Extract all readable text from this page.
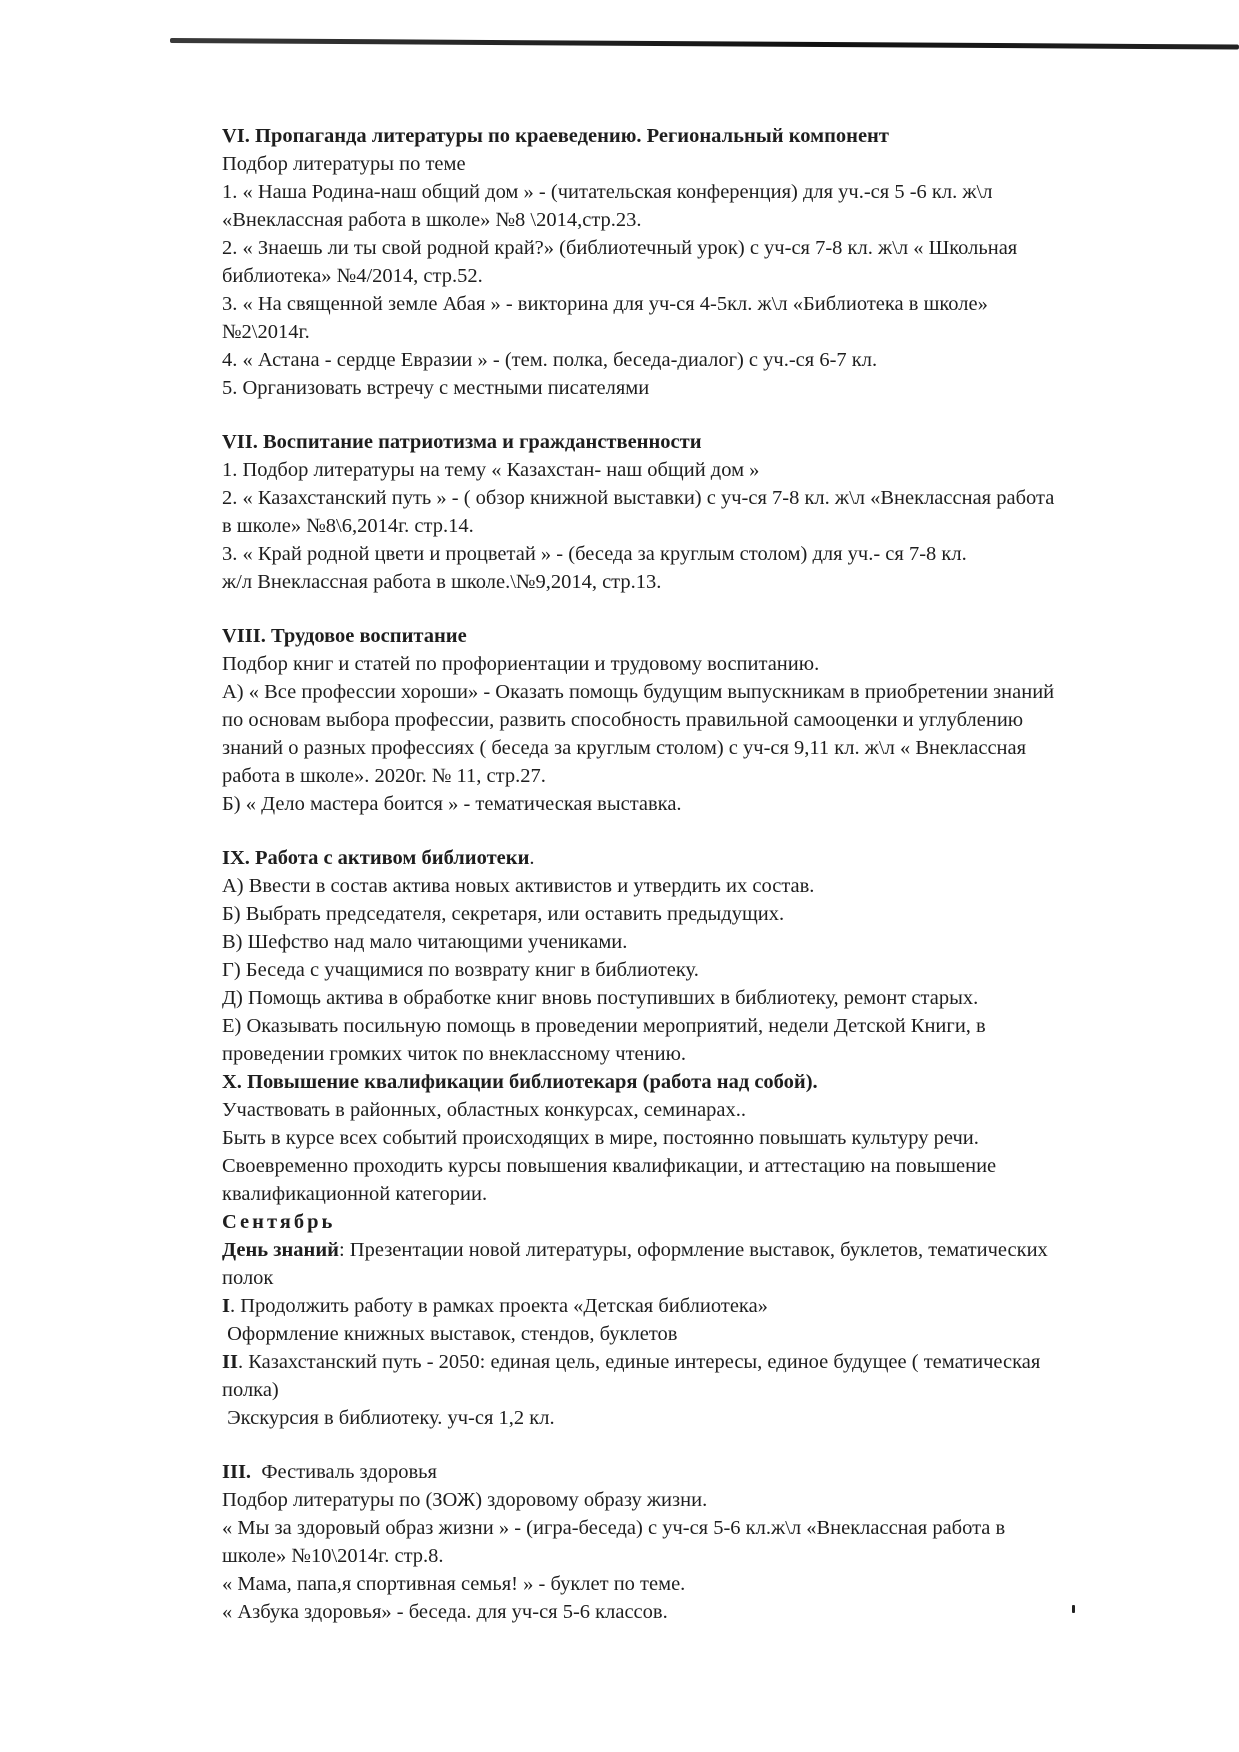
VI. Пропаганда литературы по краеведению. Региональный компонент
Подбор литературы по теме
1. « Наша Родина-наш общий дом » - (читательская конференция) для уч.-ся 5 -6 кл. ж\л
«Внеклассная работа в школе» №8 \2014,стр.23.
2. « Знаешь ли ты свой родной край?» (библиотечный урок) с уч-ся 7-8 кл. ж\л « Школьная
библиотека» №4/2014, стр.52.
3. « На священной земле Абая » - викторина для уч-ся 4-5кл. ж\л «Библиотека в школе»
№2\2014г.
4. « Астана - сердце Евразии » - (тем. полка, беседа-диалог) с уч.-ся 6-7 кл.
5. Организовать встречу с местными писателями
VII. Воспитание патриотизма и гражданственности
1. Подбор литературы на тему « Казахстан- наш общий дом »
2. « Казахстанский путь » - ( обзор книжной выставки) с уч-ся 7-8 кл. ж\л «Внеклассная работа
в школе» №8\6,2014г. стр.14.
3. « Край родной цвети и процветай » - (беседа за круглым столом) для уч.- ся 7-8 кл.
ж/л Внеклассная работа в школе.\№9,2014, стр.13.
VIII. Трудовое воспитание
Подбор книг и статей по профориентации и трудовому воспитанию.
А) « Все профессии хороши» - Оказать помощь будущим выпускникам в приобретении знаний
по основам выбора профессии, развить способность правильной самооценки и углублению
знаний о разных профессиях ( беседа за круглым столом) с уч-ся 9,11 кл. ж\л « Внеклассная
работа в школе». 2020г. № 11, стр.27.
Б) « Дело мастера боится » - тематическая выставка.
IX. Работа с активом библиотеки.
А) Ввести в состав актива новых активистов и утвердить их состав.
Б) Выбрать председателя, секретаря, или оставить предыдущих.
В) Шефство над мало читающими учениками.
Г) Беседа с учащимися по возврату книг в библиотеку.
Д) Помощь актива в обработке книг вновь поступивших в библиотеку, ремонт старых.
Е) Оказывать посильную помощь в проведении мероприятий, недели Детской Книги, в
проведении громких читок по внеклассному чтению.
X. Повышение квалификации библиотекаря (работа над собой).
Участвовать в районных, областных конкурсах, семинарах..
Быть в курсе всех событий происходящих в мире, постоянно повышать культуру речи.
Своевременно проходить курсы повышения квалификации, и аттестацию на повышение
квалификационной категории.
Сентябрь
День знаний: Презентации новой литературы, оформление выставок, буклетов, тематических
полок
I. Продолжить работу в рамках проекта «Детская библиотека»
Оформление книжных выставок, стендов, буклетов
II. Казахстанский путь - 2050: единая цель, единые интересы, единое будущее ( тематическая
полка)
Экскурсия в библиотеку. уч-ся 1,2 кл.
III.  Фестиваль здоровья
Подбор литературы по (ЗОЖ) здоровому образу жизни.
« Мы за здоровый образ жизни » - (игра-беседа) с уч-ся 5-6 кл.ж\л «Внеклассная работа в
школе» №10\2014г. стр.8.
« Мама, папа,я спортивная семья! » - буклет по теме.
« Азбука здоровья» - беседа. для уч-ся 5-6 классов.
